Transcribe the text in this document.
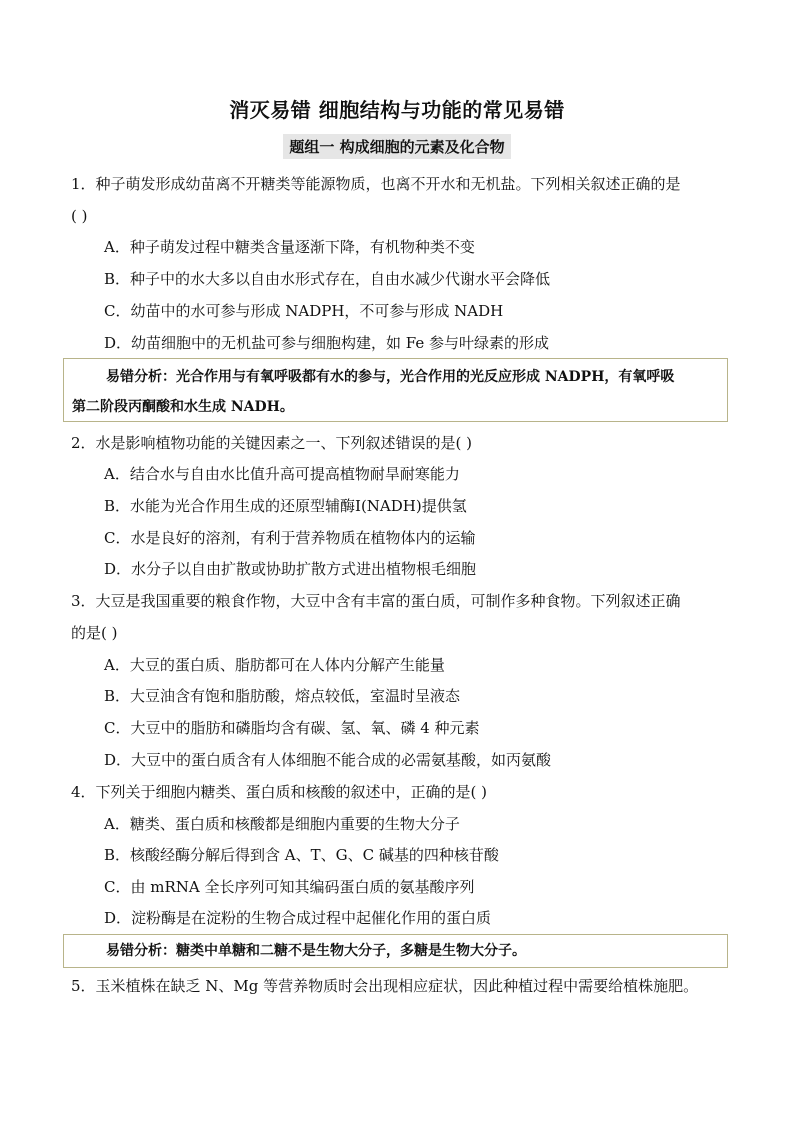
消灭易错 细胞结构与功能的常见易错
题组一 构成细胞的元素及化合物
1．种子萌发形成幼苗离不开糖类等能源物质，也离不开水和无机盐。下列相关叙述正确的是
( )
A．种子萌发过程中糖类含量逐渐下降，有机物种类不变
B．种子中的水大多以自由水形式存在，自由水减少代谢水平会降低
C．幼苗中的水可参与形成 NADPH，不可参与形成 NADH
D．幼苗细胞中的无机盐可参与细胞构建，如 Fe 参与叶绿素的形成
易错分析：光合作用与有氧呼吸都有水的参与，光合作用的光反应形成 NADPH，有氧呼吸
第二阶段丙酮酸和水生成 NADH。
2．水是影响植物功能的关键因素之一、下列叙述错误的是( )
A．结合水与自由水比值升高可提高植物耐旱耐寒能力
B．水能为光合作用生成的还原型辅酶Ⅰ(NADH)提供氢
C．水是良好的溶剂，有利于营养物质在植物体内的运输
D．水分子以自由扩散或协助扩散方式进出植物根毛细胞
3．大豆是我国重要的粮食作物，大豆中含有丰富的蛋白质，可制作多种食物。下列叙述正确
的是( )
A．大豆的蛋白质、脂肪都可在人体内分解产生能量
B．大豆油含有饱和脂肪酸，熔点较低，室温时呈液态
C．大豆中的脂肪和磷脂均含有碳、氢、氧、磷 4 种元素
D．大豆中的蛋白质含有人体细胞不能合成的必需氨基酸，如丙氨酸
4．下列关于细胞内糖类、蛋白质和核酸的叙述中，正确的是( )
A．糖类、蛋白质和核酸都是细胞内重要的生物大分子
B．核酸经酶分解后得到含 A、T、G、C 碱基的四种核苷酸
C．由 mRNA 全长序列可知其编码蛋白质的氨基酸序列
D．淀粉酶是在淀粉的生物合成过程中起催化作用的蛋白质
易错分析：糖类中单糖和二糖不是生物大分子，多糖是生物大分子。
5．玉米植株在缺乏 N、Mg 等营养物质时会出现相应症状，因此种植过程中需要给植株施肥。
